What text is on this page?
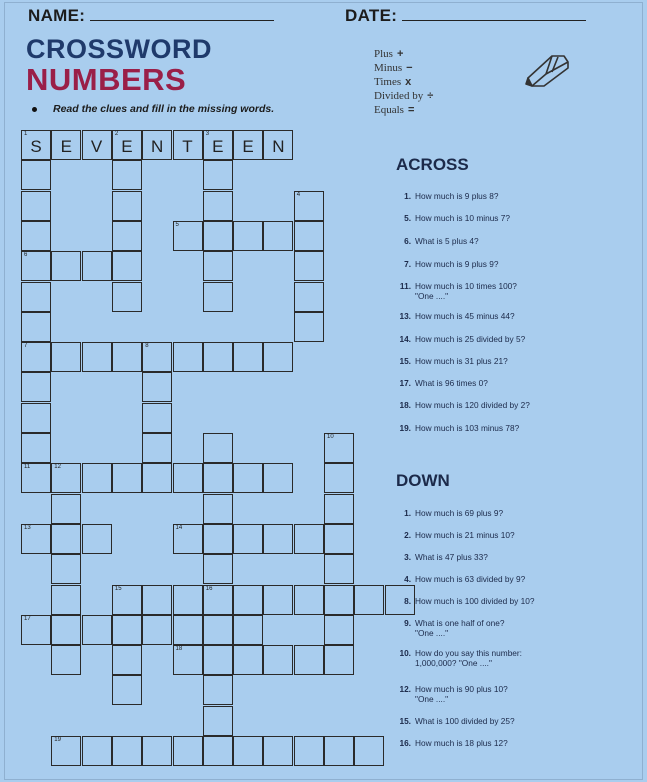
NAME:	DATE:
CROSSWORD
NUMBERS
Read the clues and fill in the missing words.
Plus +
Minus −
Times x
Divided by ÷
Equals =
1
S	E	V
2
E	N	T
3
E	E	N
6
7
11
4
5
8
16
10
12
13	14
15
17
18
19
ACROSS
1. How much is 9 plus 8?
5. How much is 10 minus 7?
6. What is 5 plus 4?
7. How much is 9 plus 9?
11. How much is 10 times 100?
"One ...."
13. How much is 45 minus 44?
14. How much is 25 divided by 5?
15. How much is 31 plus 21?
17. What is 96 times 0?
18. How much is 120 divided by 2?
19. How much is 103 minus 78?
DOWN
1. How much is 69 plus 9?
2. How much is 21 minus 10?
3. What is 47 plus 33?
4. How much is 63 divided by 9?
8. How much is 100 divided by 10?
9. What is one half of one?
"One ...."
10. How do you say this number:
1,000,000? "One ...."
12. How much is 90 plus 10?
"One ...."
15. What is 100 divided by 25?
16. How much is 18 plus 12?
